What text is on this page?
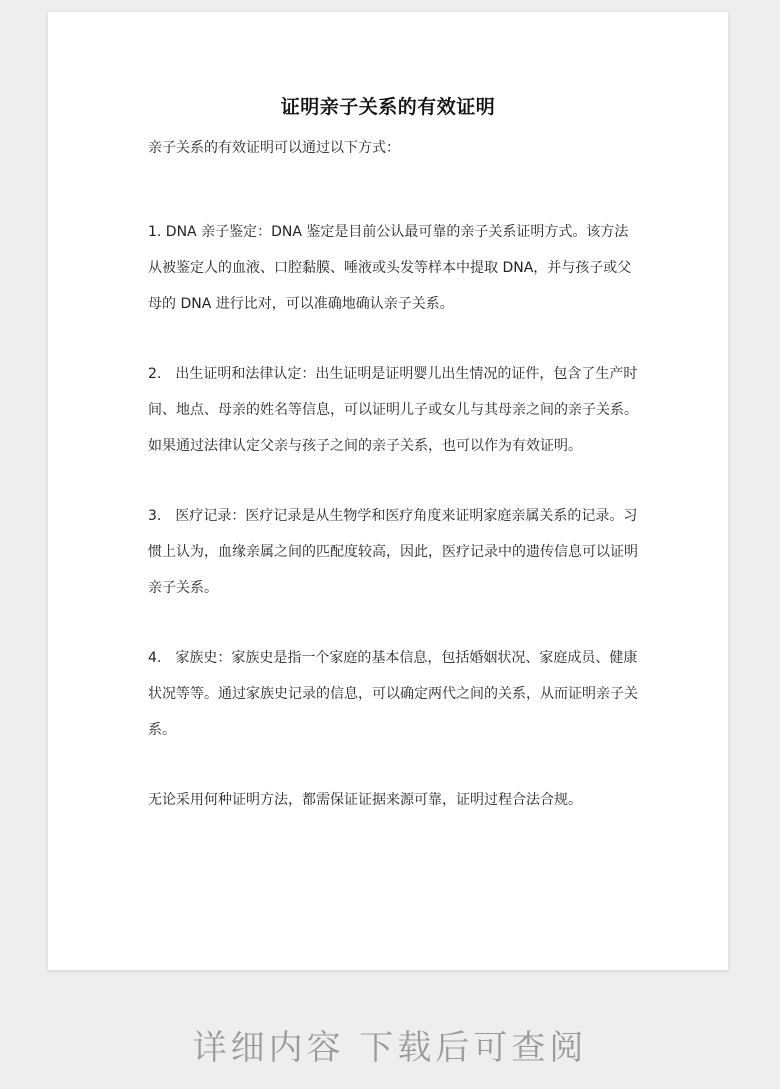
证明亲子关系的有效证明
亲子关系的有效证明可以通过以下方式：
1. DNA 亲子鉴定：DNA 鉴定是目前公认最可靠的亲子关系证明方式。该方法从被鉴定人的血液、口腔黏膜、唾液或头发等样本中提取 DNA，并与孩子或父母的 DNA 进行比对，可以准确地确认亲子关系。
2.　出生证明和法律认定：出生证明是证明婴儿出生情况的证件，包含了生产时间、地点、母亲的姓名等信息，可以证明儿子或女儿与其母亲之间的亲子关系。如果通过法律认定父亲与孩子之间的亲子关系，也可以作为有效证明。
3.　医疗记录：医疗记录是从生物学和医疗角度来证明家庭亲属关系的记录。习惯上认为，血缘亲属之间的匹配度较高，因此，医疗记录中的遗传信息可以证明亲子关系。
4.　家族史：家族史是指一个家庭的基本信息，包括婚姻状况、家庭成员、健康状况等等。通过家族史记录的信息，可以确定两代之间的关系，从而证明亲子关系。
无论采用何种证明方法，都需保证证据来源可靠，证明过程合法合规。
详细内容 下载后可查阅
